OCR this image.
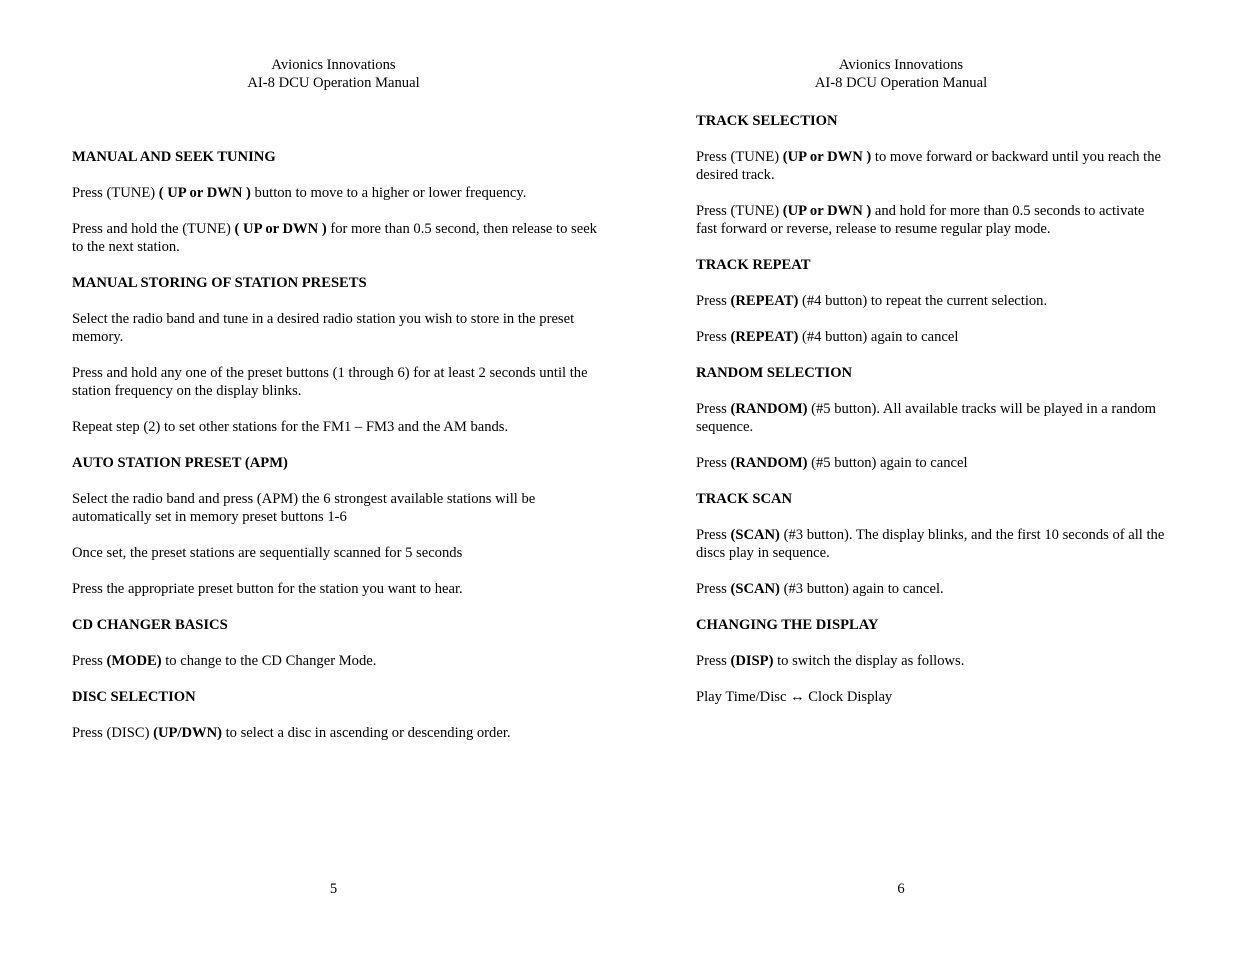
Avionics Innovations
AI-8 DCU Operation Manual
MANUAL AND SEEK TUNING
Press (TUNE) ( UP or DWN ) button to move to a higher or lower frequency.
Press and hold the (TUNE) ( UP or DWN ) for more than 0.5 second, then release to seek to the next station.
MANUAL STORING OF STATION PRESETS
Select the radio band and tune in a desired radio station you wish to store in the preset memory.
Press and hold any one of the preset buttons (1 through 6) for at least 2 seconds until the station frequency on the display blinks.
Repeat step (2) to set other stations for the FM1 – FM3 and the AM bands.
AUTO STATION PRESET (APM)
Select the radio band and press (APM) the 6 strongest available stations will be automatically set in memory preset buttons 1-6
Once set, the preset stations are sequentially scanned for 5 seconds
Press the appropriate preset button for the station you want to hear.
CD CHANGER BASICS
Press (MODE) to change to the CD Changer Mode.
DISC SELECTION
Press (DISC) (UP/DWN) to select a disc in ascending or descending order.
5
Avionics Innovations
AI-8 DCU Operation Manual
TRACK SELECTION
Press (TUNE) (UP or DWN ) to move forward or backward until you reach the desired track.
Press (TUNE) (UP or DWN ) and hold for more than 0.5 seconds to activate fast forward or reverse, release to resume regular play mode.
TRACK REPEAT
Press (REPEAT) (#4 button) to repeat the current selection.
Press (REPEAT) (#4 button) again to cancel
RANDOM SELECTION
Press (RANDOM) (#5 button). All available tracks will be played in a random sequence.
Press (RANDOM) (#5 button) again to cancel
TRACK SCAN
Press (SCAN) (#3 button). The display blinks, and the first 10 seconds of all the discs play in sequence.
Press (SCAN) (#3 button) again to cancel.
CHANGING THE DISPLAY
Press (DISP) to switch the display as follows.
Play Time/Disc ↔ Clock Display
6
